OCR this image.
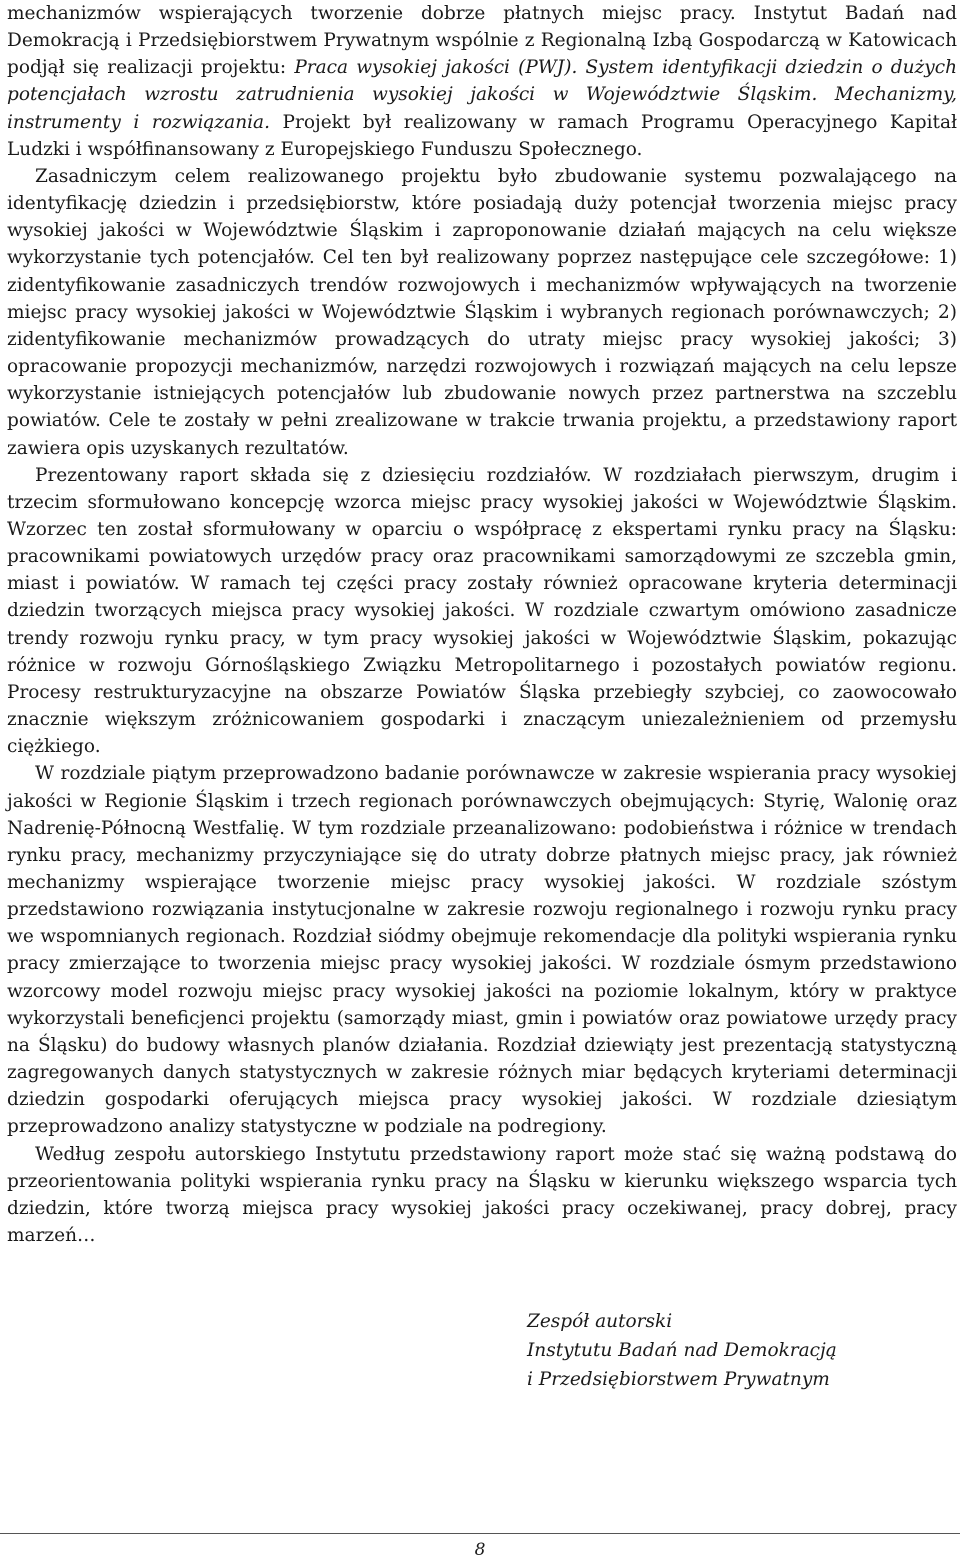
mechanizmów wspierających tworzenie dobrze płatnych miejsc pracy. Instytut Badań nad Demokracją i Przedsiębiorstwem Prywatnym wspólnie z Regionalną Izbą Gospodarczą w Katowicach podjął się realizacji projektu: Praca wysokiej jakości (PWJ). System identyfikacji dziedzin o dużych potencjałach wzrostu zatrudnienia wysokiej jakości w Województwie Śląskim. Mechanizmy, instrumenty i rozwiązania. Projekt był realizowany w ramach Programu Operacyjnego Kapitał Ludzki i współfinansowany z Europejskiego Funduszu Społecznego.

Zasadniczym celem realizowanego projektu było zbudowanie systemu pozwalającego na identyfikację dziedzin i przedsiębiorstw, które posiadają duży potencjał tworzenia miejsc pracy wysokiej jakości w Województwie Śląskim i zaproponowanie działań mających na celu większe wykorzystanie tych potencjałów. Cel ten był realizowany poprzez następujące cele szczegółowe: 1) zidentyfikowanie zasadniczych trendów rozwojowych i mechanizmów wpływających na tworzenie miejsc pracy wysokiej jakości w Województwie Śląskim i wybranych regionach porównawczych; 2) zidentyfikowanie mechanizmów prowadzących do utraty miejsc pracy wysokiej jakości; 3) opracowanie propozycji mechanizmów, narzędzi rozwojowych i rozwiązań mających na celu lepsze wykorzystanie istniejących potencjałów lub zbudowanie nowych przez partnerstwa na szczeblu powiatów. Cele te zostały w pełni zrealizowane w trakcie trwania projektu, a przedstawiony raport zawiera opis uzyskanych rezultatów.

Prezentowany raport składa się z dziesięciu rozdziałów. W rozdziałach pierwszym, drugim i trzecim sformułowano koncepcję wzorca miejsc pracy wysokiej jakości w Województwie Śląskim. Wzorzec ten został sformułowany w oparciu o współpracę z ekspertami rynku pracy na Śląsku: pracownikami powiatowych urzędów pracy oraz pracownikami samorządowymi ze szczebla gmin, miast i powiatów. W ramach tej części pracy zostały również opracowane kryteria determinacji dziedzin tworzących miejsca pracy wysokiej jakości. W rozdziale czwartym omówiono zasadnicze trendy rozwoju rynku pracy, w tym pracy wysokiej jakości w Województwie Śląskim, pokazując różnice w rozwoju Górnośląskiego Związku Metropolitarnego i pozostałych powiatów regionu. Procesy restrukturyzacyjne na obszarze Powiatów Śląska przebiegły szybciej, co zaowocowało znacznie większym zróżnicowaniem gospodarki i znaczącym uniezależnieniem od przemysłu ciężkiego.

W rozdziale piątym przeprowadzono badanie porównawcze w zakresie wspierania pracy wysokiej jakości w Regionie Śląskim i trzech regionach porównawczych obejmujących: Styrię, Walonię oraz Nadrenię-Północną Westfalię. W tym rozdziale przeanalizowano: podobieństwa i różnice w trendach rynku pracy, mechanizmy przyczyniające się do utraty dobrze płatnych miejsc pracy, jak również mechanizmy wspierające tworzenie miejsc pracy wysokiej jakości. W rozdziale szóstym przedstawiono rozwiązania instytucjonalne w zakresie rozwoju regionalnego i rozwoju rynku pracy we wspomnianych regionach. Rozdział siódmy obejmuje rekomendacje dla polityki wspierania rynku pracy zmierzające to tworzenia miejsc pracy wysokiej jakości. W rozdziale ósmym przedstawiono wzorcowy model rozwoju miejsc pracy wysokiej jakości na poziomie lokalnym, który w praktyce wykorzystali beneficjenci projektu (samorządy miast, gmin i powiatów oraz powiatowe urzędy pracy na Śląsku) do budowy własnych planów działania. Rozdział dziewiąty jest prezentacją statystyczną zagregowanych danych statystycznych w zakresie różnych miar będących kryteriami determinacji dziedzin gospodarki oferujących miejsca pracy wysokiej jakości. W rozdziale dziesiątym przeprowadzono analizy statystyczne w podziale na podregiony.

Według zespołu autorskiego Instytutu przedstawiony raport może stać się ważną podstawą do przeorientowania polityki wspierania rynku pracy na Śląsku w kierunku większego wsparcia tych dziedzin, które tworzą miejsca pracy wysokiej jakości pracy oczekiwanej, pracy dobrej, pracy marzeń…

Zespół autorski
Instytutu Badań nad Demokracją
i Przedsiębiorstwem Prywatnym
8
